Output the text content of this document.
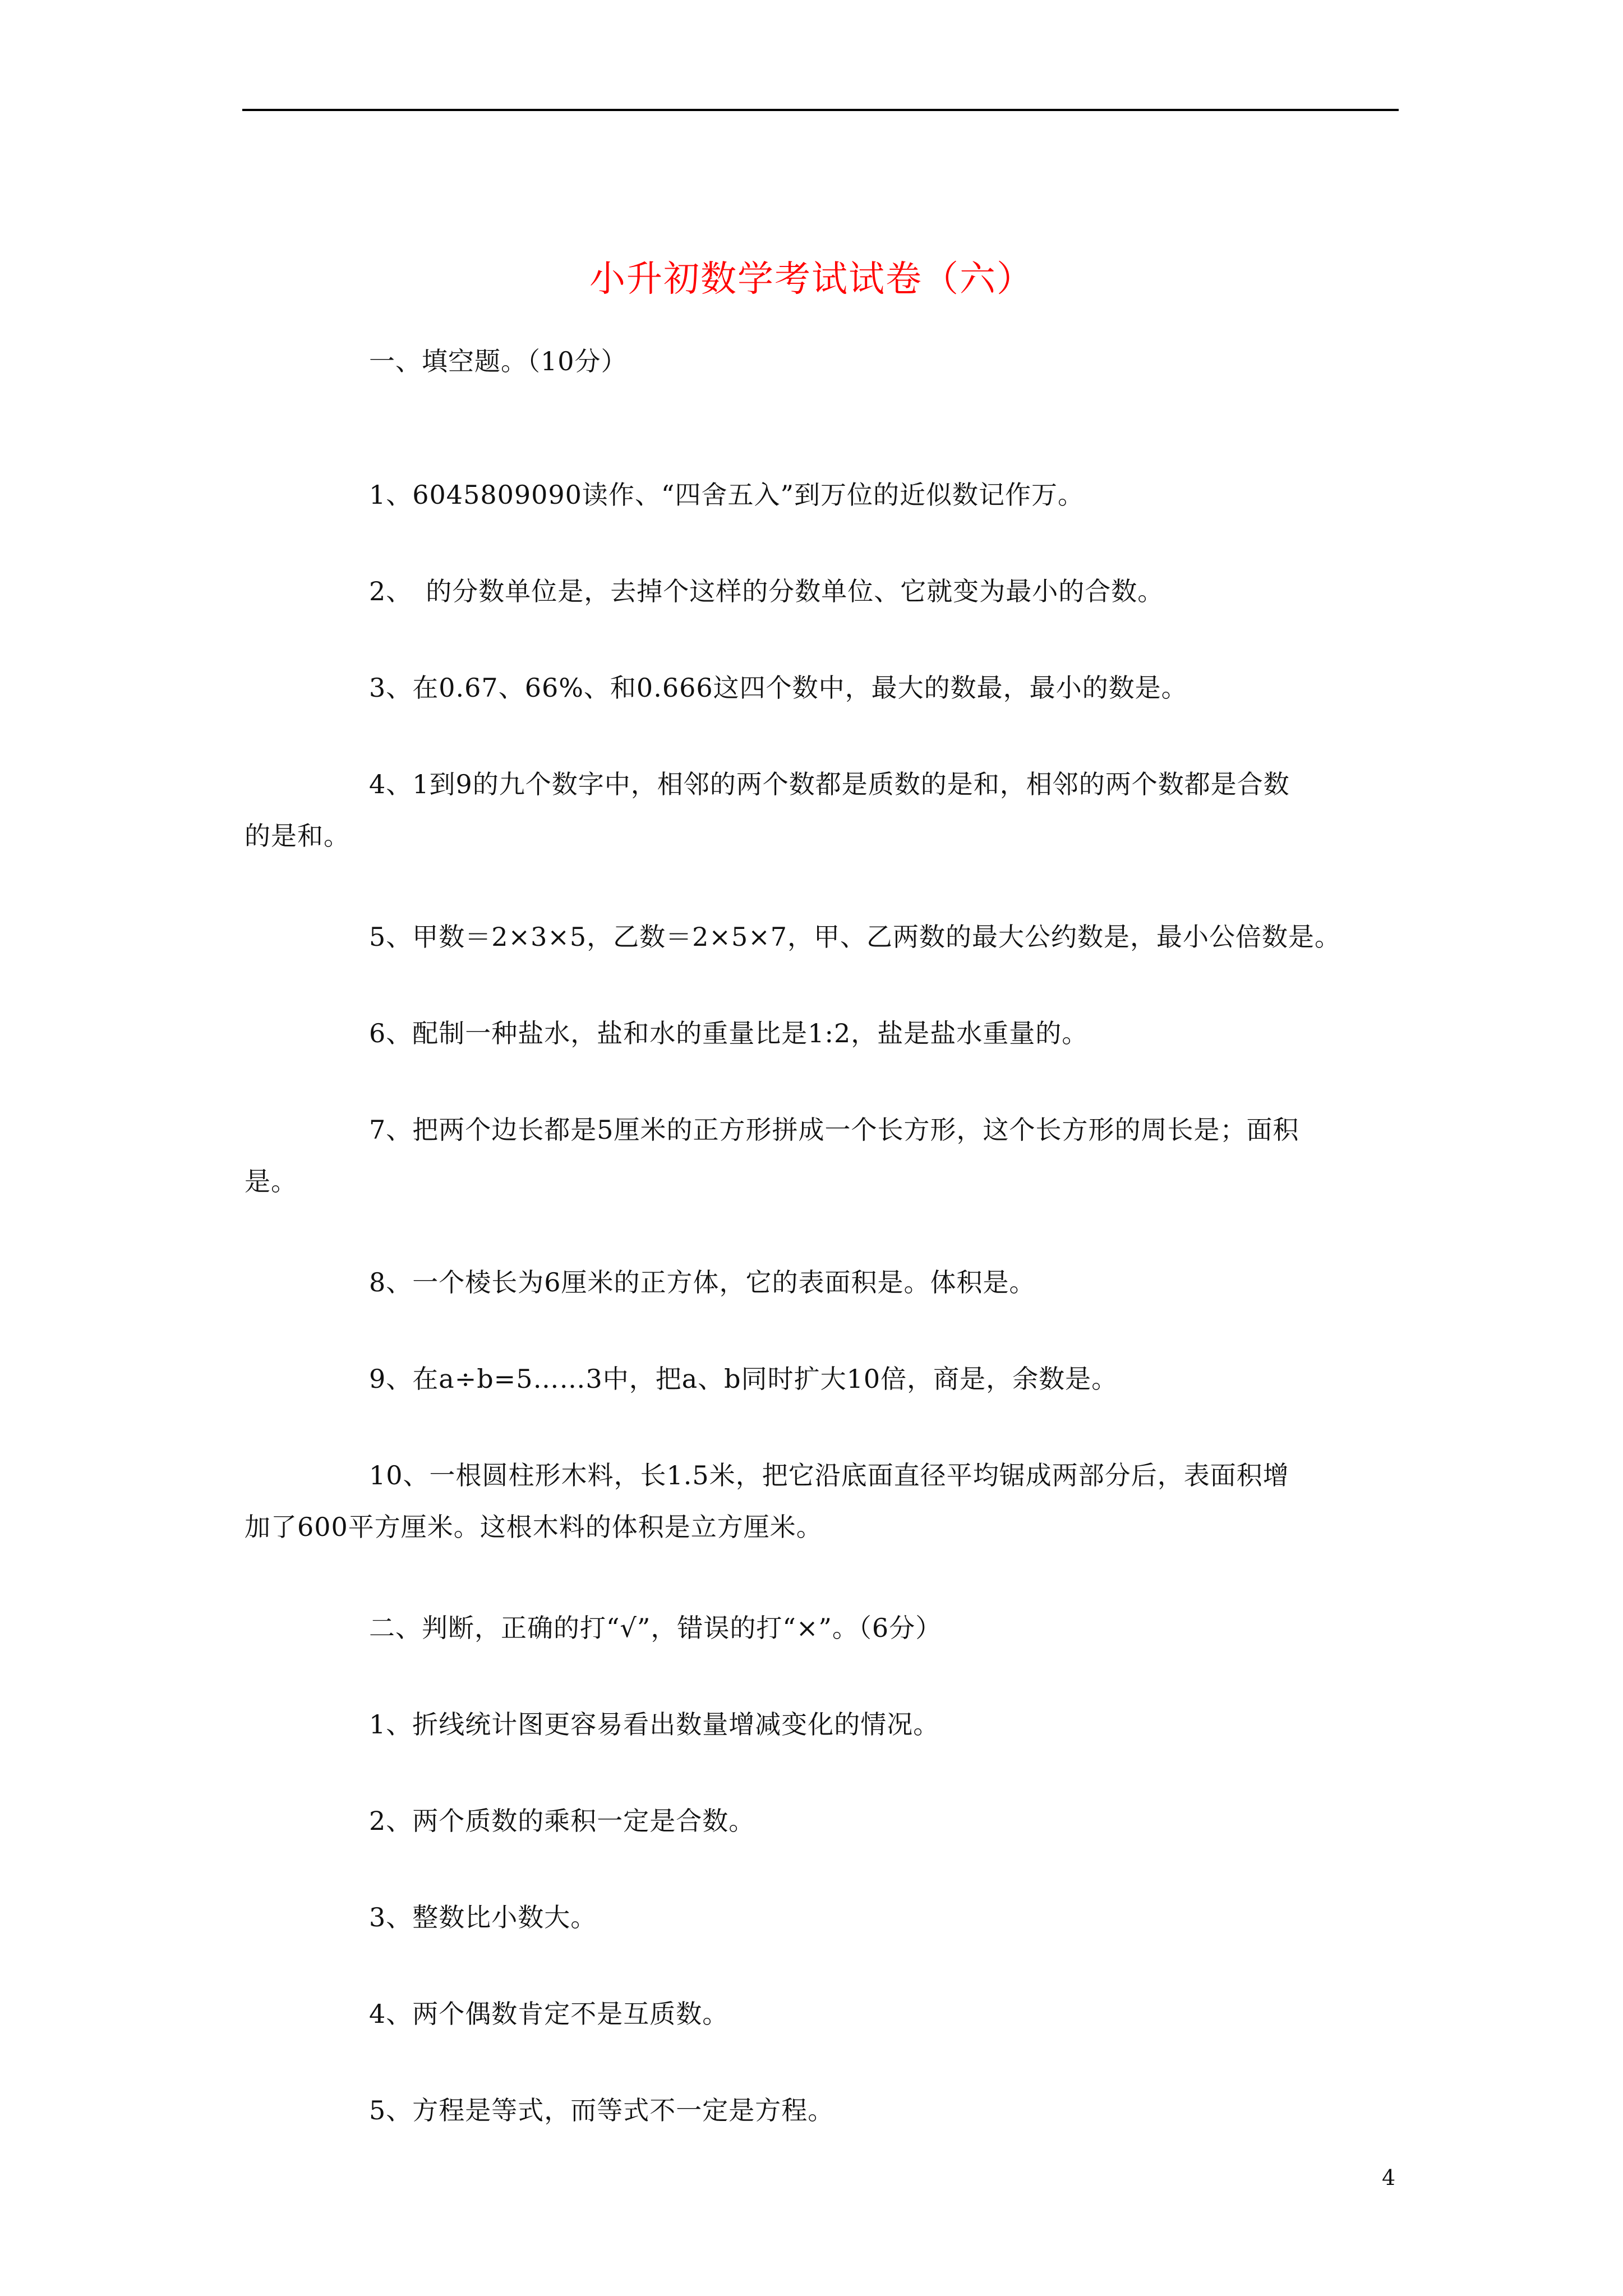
小升初数学考试试卷（六）
一、填空题。（10分）
1、6045809090读作、“四舍五入”到万位的近似数记作万。
2、　的分数单位是，去掉个这样的分数单位、它就变为最小的合数。
3、在0.67、66%、和0.666这四个数中，最大的数最，最小的数是。
4、1到9的九个数字中，相邻的两个数都是质数的是和，相邻的两个数都是合数
的是和。
5、甲数＝2×3×5，乙数＝2×5×7，甲、乙两数的最大公约数是，最小公倍数是。
6、配制一种盐水，盐和水的重量比是1:2，盐是盐水重量的。
7、把两个边长都是5厘米的正方形拼成一个长方形，这个长方形的周长是；面积
是。
8、一个棱长为6厘米的正方体，它的表面积是。体积是。
9、在a÷b=5……3中，把a、b同时扩大10倍，商是，余数是。
10、一根圆柱形木料，长1.5米，把它沿底面直径平均锯成两部分后，表面积增
加了600平方厘米。这根木料的体积是立方厘米。
二、判断，正确的打“√”，错误的打“×”。（6分）
1、折线统计图更容易看出数量增减变化的情况。
2、两个质数的乘积一定是合数。
3、整数比小数大。
4、两个偶数肯定不是互质数。
5、方程是等式，而等式不一定是方程。
4
